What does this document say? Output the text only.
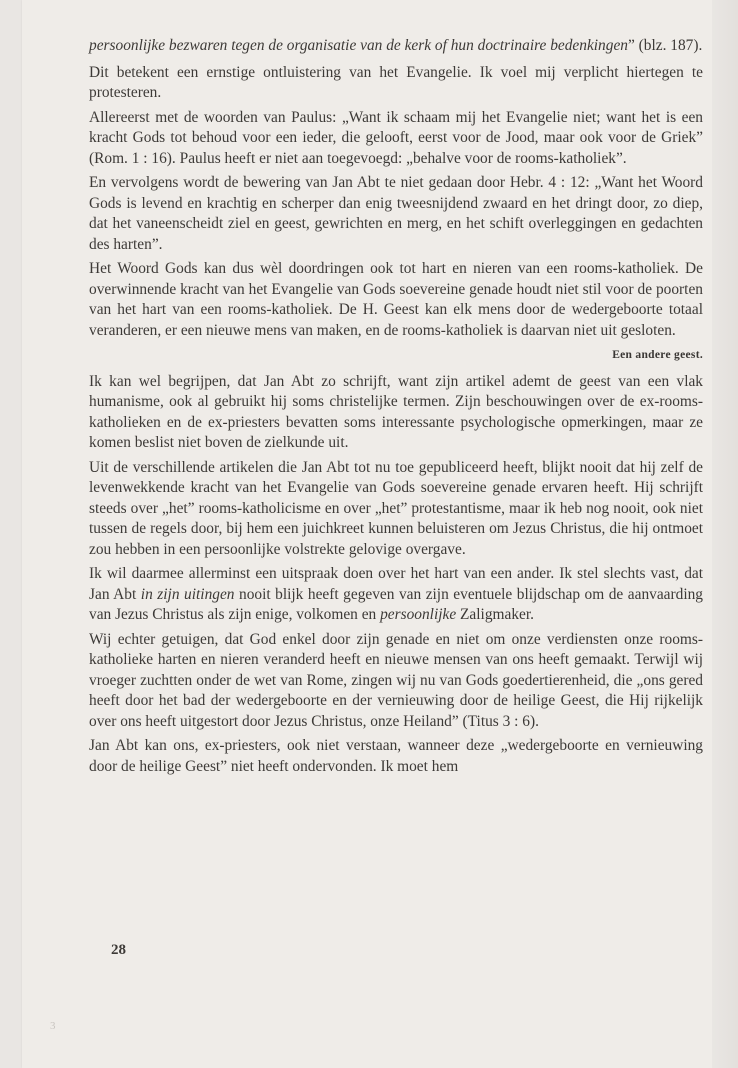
persoonlijke bezwaren tegen de organisatie van de kerk of hun doctrinaire bedenkingen” (blz. 187).

Dit betekent een ernstige ontluistering van het Evangelie. Ik voel mij verplicht hiertegen te protesteren.

Allereerst met de woorden van Paulus: „Want ik schaam mij het Evangelie niet; want het is een kracht Gods tot behoud voor een ieder, die gelooft, eerst voor de Jood, maar ook voor de Griek” (Rom. 1 : 16). Paulus heeft er niet aan toegevoegd: „behalve voor de rooms-katholiek”.

En vervolgens wordt de bewering van Jan Abt te niet gedaan door Hebr. 4 : 12: „Want het Woord Gods is levend en krachtig en scherper dan enig tweesnijdend zwaard en het dringt door, zo diep, dat het vaneenscheidt ziel en geest, gewrichten en merg, en het schift overleggingen en gedachten des harten”.

Het Woord Gods kan dus wèl doordringen ook tot hart en nieren van een rooms-katholiek. De overwinnende kracht van het Evangelie van Gods soevereine genade houdt niet stil voor de poorten van het hart van een rooms-katholiek. De H. Geest kan elk mens door de wedergeboorte totaal veranderen, er een nieuwe mens van maken, en de rooms-katholiek is daarvan niet uit gesloten.

Een andere geest.

Ik kan wel begrijpen, dat Jan Abt zo schrijft, want zijn artikel ademt de geest van een vlak humanisme, ook al gebruikt hij soms christelijke termen. Zijn beschouwingen over de ex-rooms-katholieken en de ex-priesters bevatten soms interessante psychologische opmerkingen, maar ze komen beslist niet boven de zielkunde uit.

Uit de verschillende artikelen die Jan Abt tot nu toe gepubliceerd heeft, blijkt nooit dat hij zelf de levenwekkende kracht van het Evangelie van Gods soevereine genade ervaren heeft. Hij schrijft steeds over „het” rooms-katholicisme en over „het” protestantisme, maar ik heb nog nooit, ook niet tussen de regels door, bij hem een juichkreet kunnen beluisteren om Jezus Christus, die hij ontmoet zou hebben in een persoonlijke volstrekte gelovige overgave.

Ik wil daarmee allerminst een uitspraak doen over het hart van een ander. Ik stel slechts vast, dat Jan Abt in zijn uitingen nooit blijk heeft gegeven van zijn eventuele blijdschap om de aanvaarding van Jezus Christus als zijn enige, volkomen en persoonlijke Zaligmaker.

Wij echter getuigen, dat God enkel door zijn genade en niet om onze verdiensten onze rooms-katholieke harten en nieren veranderd heeft en nieuwe mensen van ons heeft gemaakt. Terwijl wij vroeger zuchtten onder de wet van Rome, zingen wij nu van Gods goedertierenheid, die „ons gered heeft door het bad der wedergeboorte en der vernieuwing door de heilige Geest, die Hij rijkelijk over ons heeft uitgestort door Jezus Christus, onze Heiland” (Titus 3 : 6).

Jan Abt kan ons, ex-priesters, ook niet verstaan, wanneer deze „wedergeboorte en vernieuwing door de heilige Geest” niet heeft ondervonden. Ik moet hem

28
3
